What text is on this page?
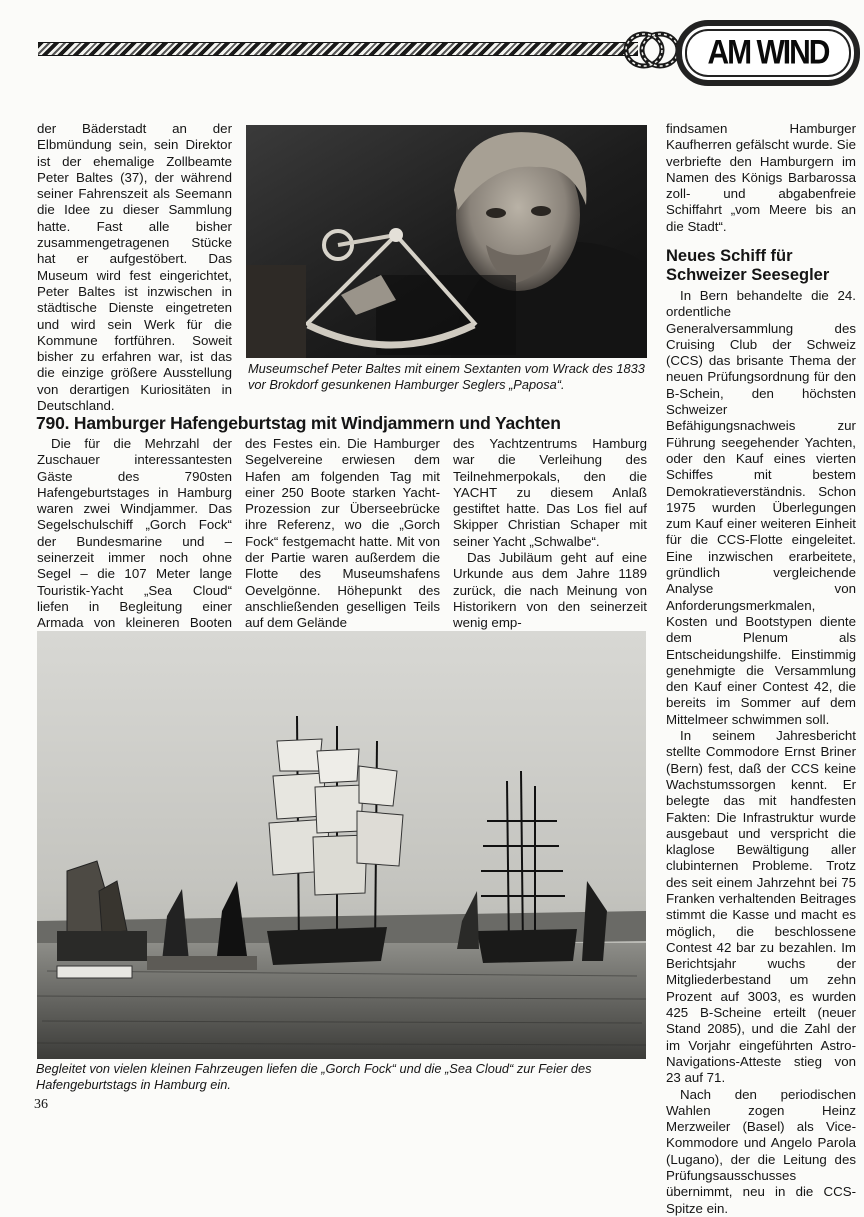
AM WIND

der Bäderstadt an der Elbmündung sein, sein Direktor ist der ehemalige Zollbeamte Peter Baltes (37), der während seiner Fahrenszeit als Seemann die Idee zu dieser Sammlung hatte. Fast alle bisher zusammengetragenen Stücke hat er aufgestöbert. Das Museum wird fest eingerichtet, Peter Baltes ist inzwischen in städtische Dienste eingetreten und wird sein Werk für die Kommune fortführen. Soweit bisher zu erfahren war, ist das die einzige größere Ausstellung von derartigen Kuriositäten in Deutschland.

Museumschef Peter Baltes mit einem Sextanten vom Wrack des 1833 vor Brokdorf gesunkenen Hamburger Seglers „Paposa“.
790. Hamburger Hafengeburtstag mit Windjammern und Yachten

Die für die Mehrzahl der Zuschauer interessantesten Gäste des 790sten Hafengeburtstages in Hamburg waren zwei Windjammer. Das Segelschulschiff „Gorch Fock“ der Bundesmarine und – seinerzeit immer noch ohne Segel – die 107 Meter lange Touristik-Yacht „Sea Cloud“ liefen in Begleitung einer Armada von kleineren Booten

des Festes ein. Die Hamburger Segelvereine erwiesen dem Hafen am folgenden Tag mit einer 250 Boote starken Yacht-Prozession zur Überseebrücke ihre Referenz, wo die „Gorch Fock“ festgemacht hatte. Mit von der Partie waren außerdem die Flotte des Museumshafens Oevelgönne. Höhepunkt des anschließenden geselligen Teils auf dem Gelände

des Yachtzentrums Hamburg war die Verleihung des Teilnehmerpokals, den die YACHT zu diesem Anlaß gestiftet hatte. Das Los fiel auf Skipper Christian Schaper mit seiner Yacht „Schwalbe“.

Das Jubiläum geht auf eine Urkunde aus dem Jahre 1189 zurück, die nach Meinung von Historikern von den seinerzeit wenig emp-

Begleitet von vielen kleinen Fahrzeugen liefen die „Gorch Fock“ und die „Sea Cloud“ zur Feier des Hafengeburtstags in Hamburg ein.

findsamen Hamburger Kaufherren gefälscht wurde. Sie verbriefte den Hamburgern im Namen des Königs Barbarossa zoll- und abgabenfreie Schiffahrt „vom Meere bis an die Stadt“.

Neues Schiff für Schweizer Seesegler

In Bern behandelte die 24. ordentliche Generalversammlung des Cruising Club der Schweiz (CCS) das brisante Thema der neuen Prüfungsordnung für den B-Schein, den höchsten Schweizer Befähigungsnachweis zur Führung seegehender Yachten, oder den Kauf eines vierten Schiffes mit bestem Demokratieverständnis. Schon 1975 wurden Überlegungen zum Kauf einer weiteren Einheit für die CCS-Flotte eingeleitet. Eine inzwischen erarbeitete, gründlich vergleichende Analyse von Anforderungsmerkmalen, Kosten und Bootstypen diente dem Plenum als Entscheidungshilfe. Einstimmig genehmigte die Versammlung den Kauf einer Contest 42, die bereits im Sommer auf dem Mittelmeer schwimmen soll.

In seinem Jahresbericht stellte Commodore Ernst Briner (Bern) fest, daß der CCS keine Wachstumssorgen kennt. Er belegte das mit handfesten Fakten: Die Infrastruktur wurde ausgebaut und verspricht die klaglose Bewältigung aller clubinternen Probleme. Trotz des seit einem Jahrzehnt bei 75 Franken verhaltenden Beitrages stimmt die Kasse und macht es möglich, die beschlossene Contest 42 bar zu bezahlen. Im Berichtsjahr wuchs der Mitgliederbestand um zehn Prozent auf 3003, es wurden 425 B-Scheine erteilt (neuer Stand 2085), und die Zahl der im Vorjahr eingeführten Astro-Navigations-Atteste stieg von 23 auf 71.

Nach den periodischen Wahlen zogen Heinz Merzweiler (Basel) als Vice-Kommodore und Angelo Parola (Lugano), der die Leitung des Prüfungsausschusses übernimmt, neu in die CCS-Spitze ein.

36
